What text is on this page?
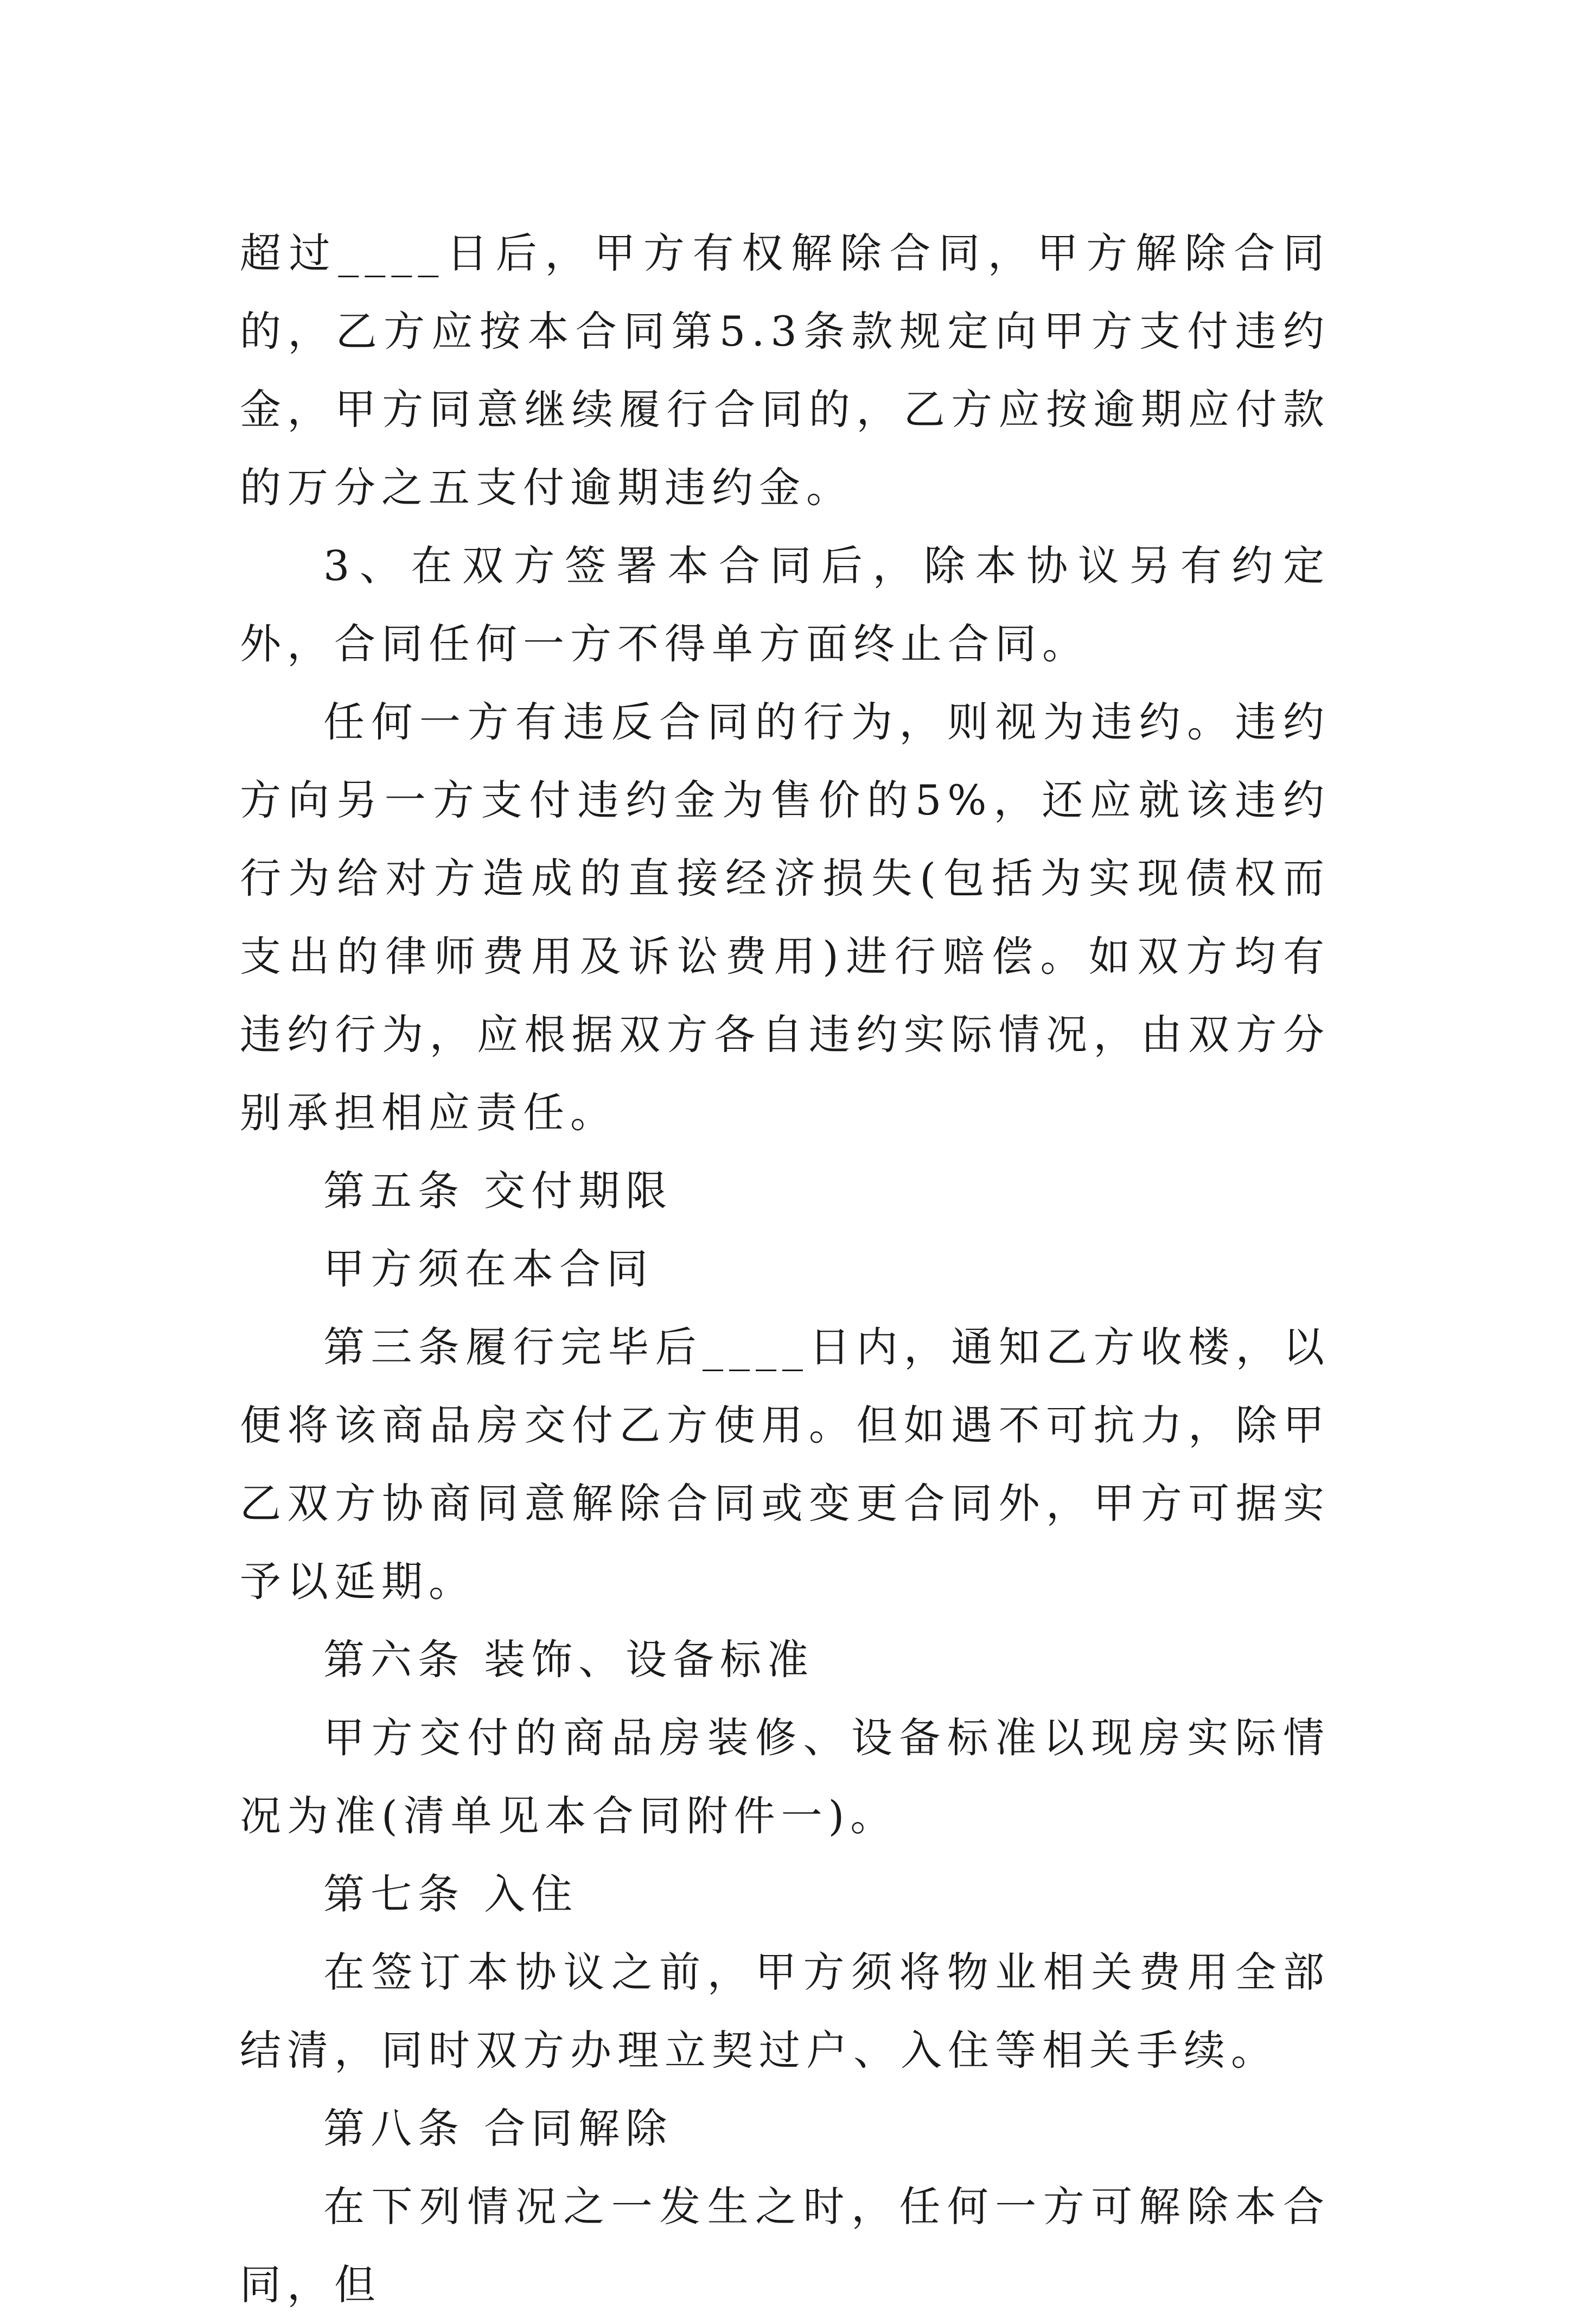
超过____日后，甲方有权解除合同，甲方解除合同的，乙方应按本合同第5.3条款规定向甲方支付违约金，甲方同意继续履行合同的，乙方应按逾期应付款的万分之五支付逾期违约金。

3、在双方签署本合同后，除本协议另有约定外，合同任何一方不得单方面终止合同。

任何一方有违反合同的行为，则视为违约。违约方向另一方支付违约金为售价的5%，还应就该违约 行为给对方造成的直接经济损失(包括为实现债权而支出的律师费用及诉讼费用)进行赔偿。如双方均有违约行为，应根据双方各自违约实际情况，由双方分别承担相应责任。

第五条 交付期限

甲方须在本合同

第三条履行完毕后____日内，通知乙方收楼，以便将该商品房交付乙方使用。但如遇不可抗力，除甲乙双方协商同意解除合同或变更合同外，甲方可据实予以延期。

第六条 装饰、设备标准

甲方交付的商品房装修、设备标准以现房实际情况为准(清单见本合同附件一)。

第七条 入住

在签订本协议之前，甲方须将物业相关费用全部结清，同时双方办理立契过户、入住等相关手续。

第八条 合同解除

在下列情况之一发生之时，任何一方可解除本合同，但
